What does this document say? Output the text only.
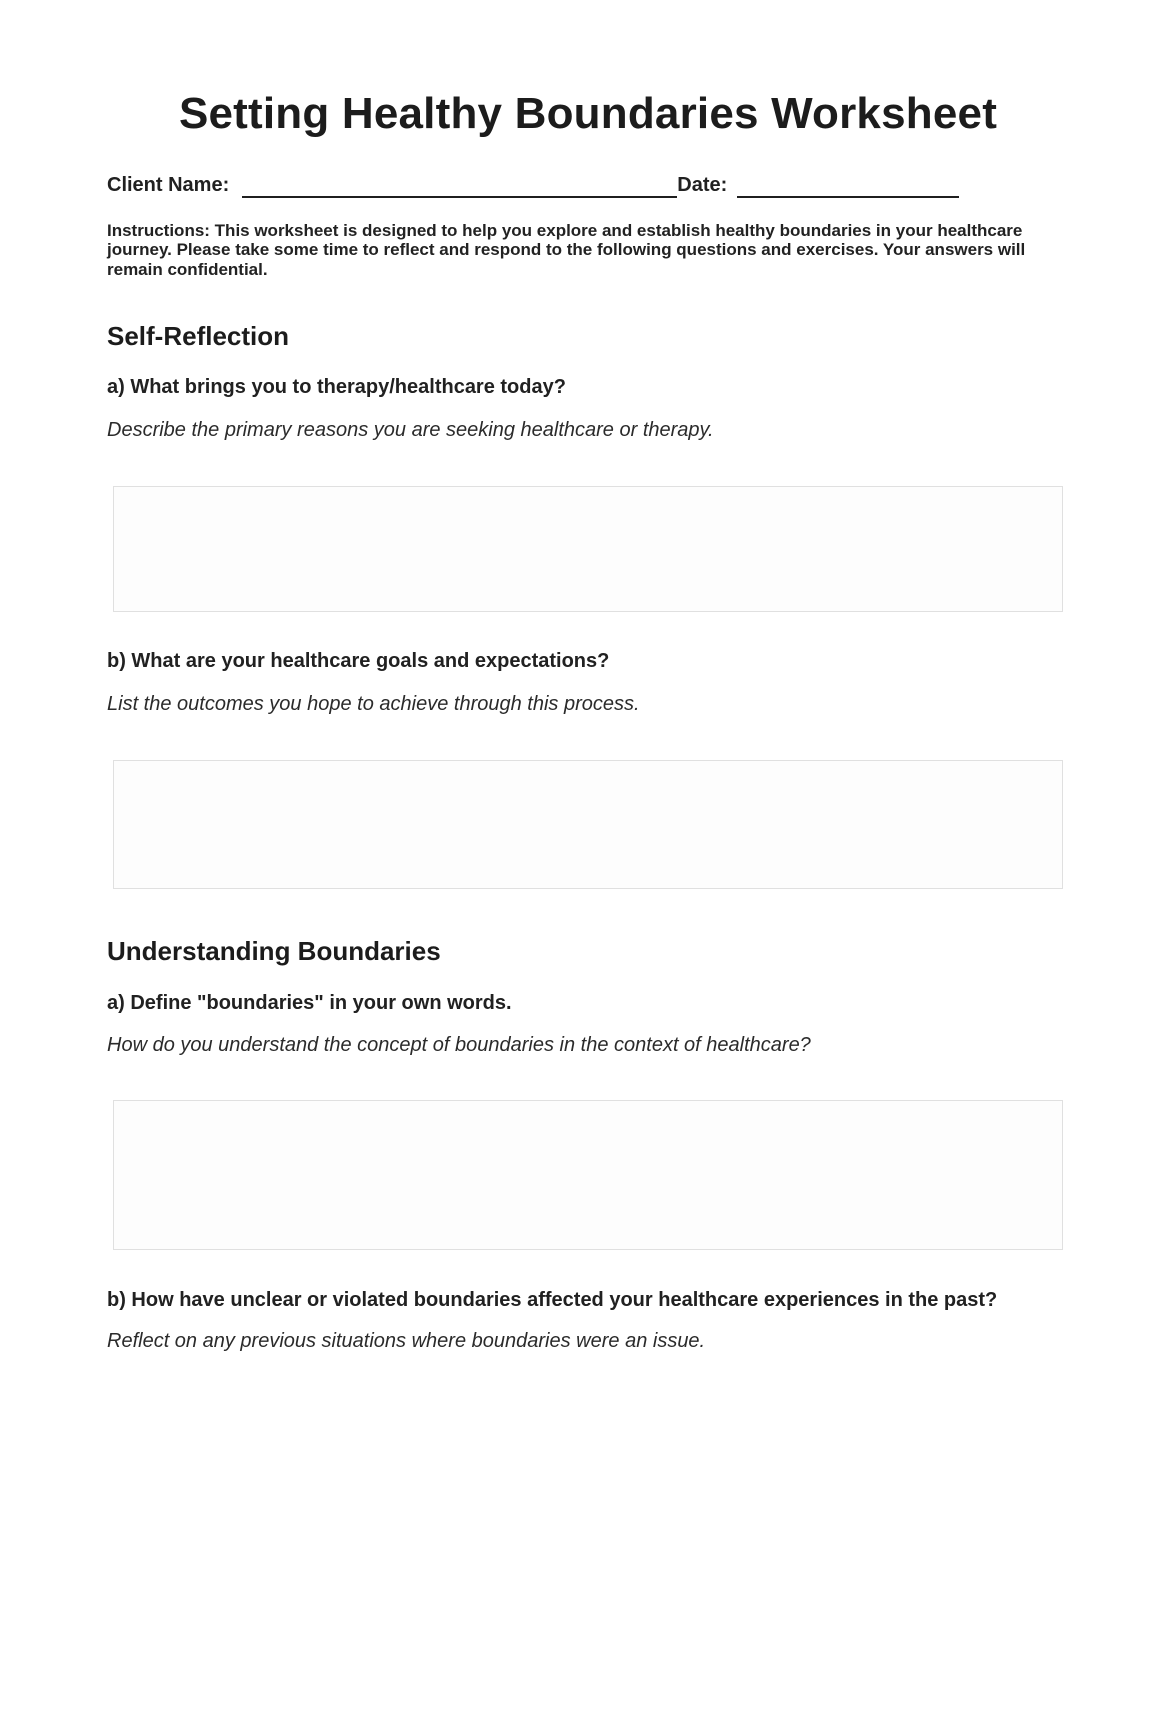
Setting Healthy Boundaries Worksheet
Client Name:	Date:

Instructions: This worksheet is designed to help you explore and establish healthy boundaries in your healthcare journey. Please take some time to reflect and respond to the following questions and exercises. Your answers will remain confidential.

Self-Reflection

a) What brings you to therapy/healthcare today?

Describe the primary reasons you are seeking healthcare or therapy.

b) What are your healthcare goals and expectations?

List the outcomes you hope to achieve through this process.

Understanding Boundaries

a) Define "boundaries" in your own words.

How do you understand the concept of boundaries in the context of healthcare?

b) How have unclear or violated boundaries affected your healthcare experiences in the past?

Reflect on any previous situations where boundaries were an issue.
